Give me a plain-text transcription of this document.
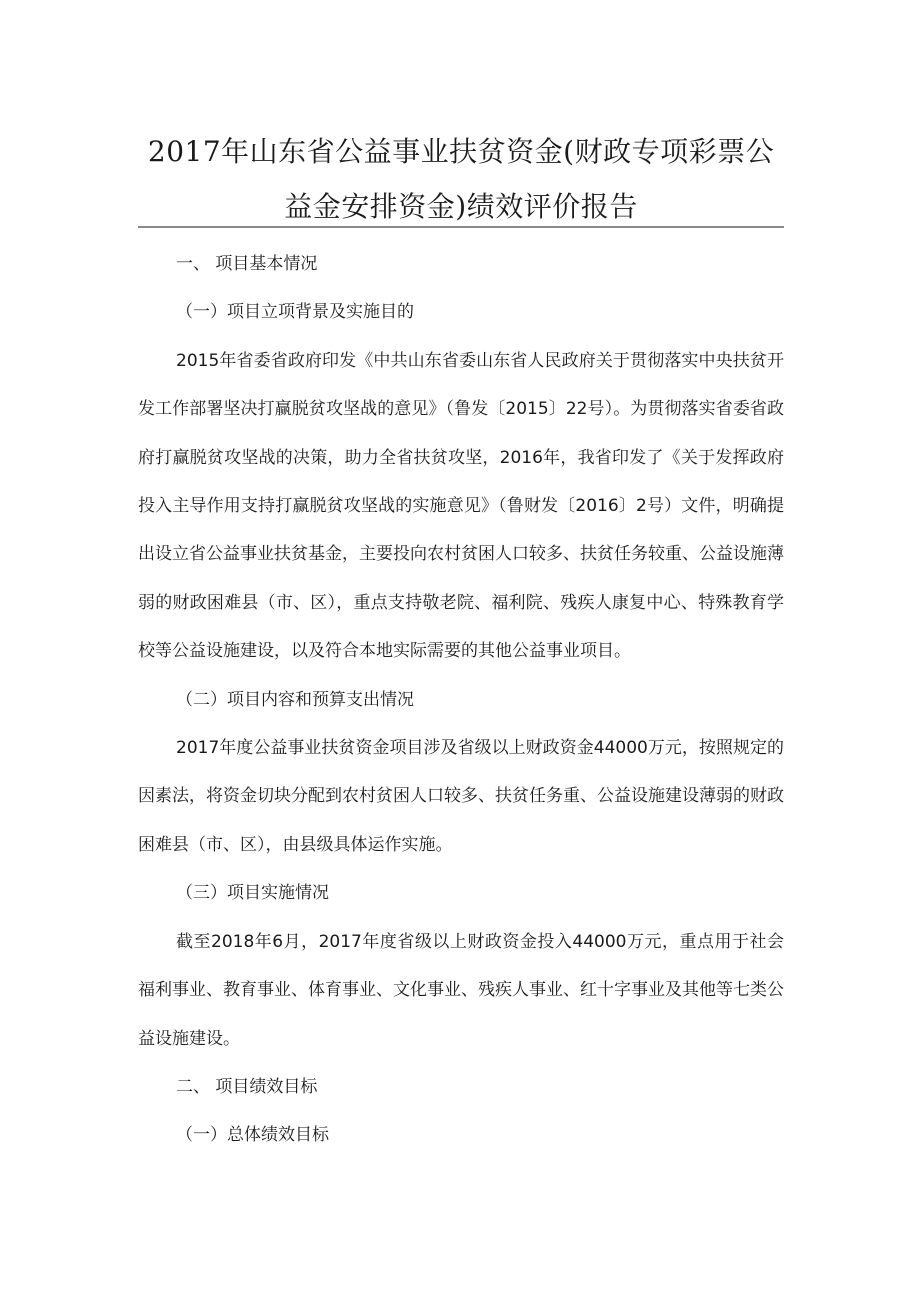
2017年山东省公益事业扶贫资金(财政专项彩票公益金安排资金)绩效评价报告

一、 项目基本情况

（一）项目立项背景及实施目的

2015年省委省政府印发《中共山东省委山东省人民政府关于贯彻落实中央扶贫开发工作部署坚决打赢脱贫攻坚战的意见》（鲁发〔2015〕22号）。为贯彻落实省委省政府打赢脱贫攻坚战的决策，助力全省扶贫攻坚，2016年，我省印发了《关于发挥政府投入主导作用支持打赢脱贫攻坚战的实施意见》（鲁财发〔2016〕2号）文件，明确提出设立省公益事业扶贫基金，主要投向农村贫困人口较多、扶贫任务较重、公益设施薄弱的财政困难县（市、区），重点支持敬老院、福利院、残疾人康复中心、特殊教育学校等公益设施建设，以及符合本地实际需要的其他公益事业项目。

（二）项目内容和预算支出情况

2017年度公益事业扶贫资金项目涉及省级以上财政资金44000万元，按照规定的因素法，将资金切块分配到农村贫困人口较多、扶贫任务重、公益设施建设薄弱的财政困难县（市、区），由县级具体运作实施。

（三）项目实施情况

截至2018年6月，2017年度省级以上财政资金投入44000万元，重点用于社会福利事业、教育事业、体育事业、文化事业、残疾人事业、红十字事业及其他等七类公益设施建设。

二、 项目绩效目标

（一）总体绩效目标
